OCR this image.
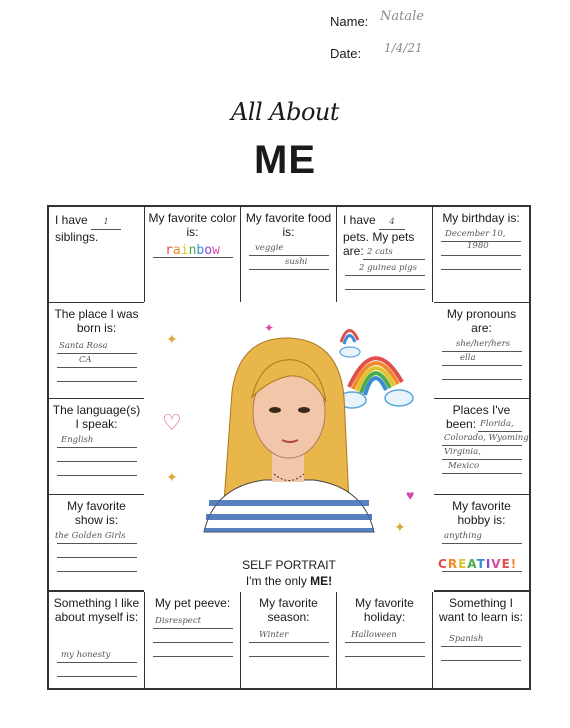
Name: Natale
Date: 1/4/21
All About
ME
I have 1
siblings.
My favorite color is:
rainbow
My favorite food is:
veggie
sushi
I have 4 pets. My pets are: 2 cats
2 guinea pigs
My birthday is:
December 10,
1980
The place I was born is:
Santa Rosa
CA
The language(s) I speak:
English
My favorite show is:
the Golden Girls
My pronouns are:
she/her/hers
ella
Places I've
been: Florida,
Colorado, Wyoming
Virginia,
Mexico
My favorite hobby is:
anything
CREATIVE!
Something I like about myself is:
my honesty
My pet peeve:
Disrespect
My favorite season:
Winter
My favorite holiday:
Halloween
Something I want to learn is:
Spanish
✦
✦
✦
✦
♡
♥
SELF PORTRAIT
I'm the only ME!
